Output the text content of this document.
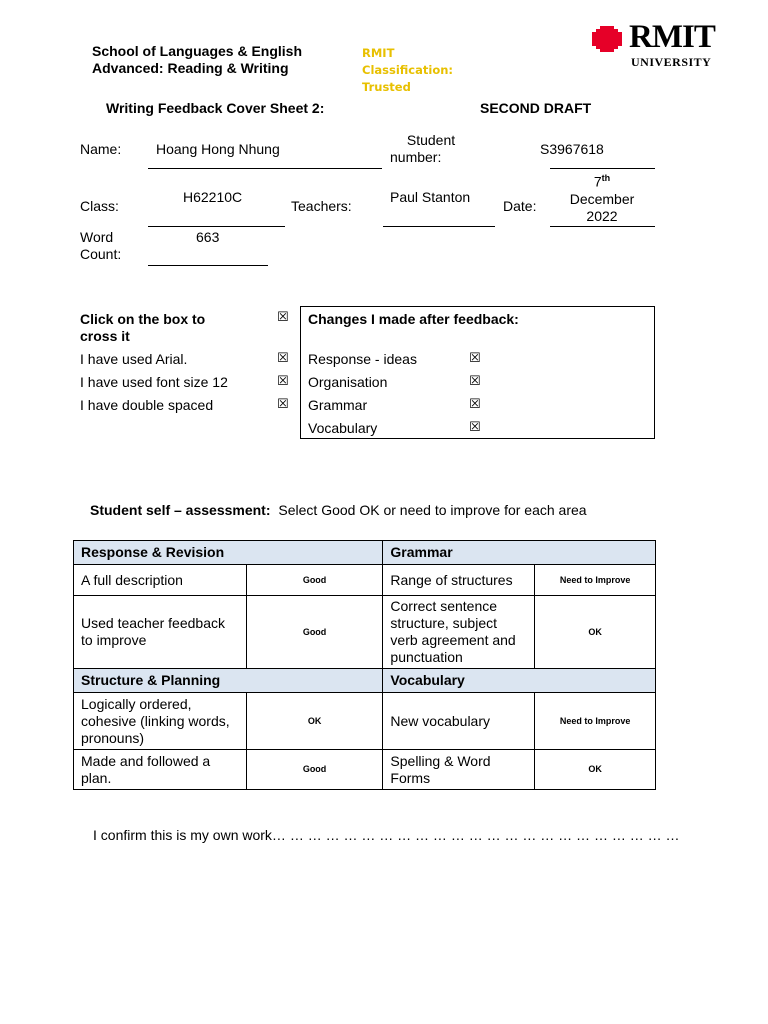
School of Languages & English
Advanced: Reading & Writing
RMIT Classification: Trusted
RMIT
UNIVERSITY
Writing Feedback Cover Sheet 2:	SECOND DRAFT
Name: Hoang Hong Nhung
Student
number:	S3967618
Class:
H62210C
Teachers:
Paul Stanton
Date:
7th
December
2022
Word
Count:
663
Click on the box to
cross it
☒
I have used Arial.	☒
I have used font size 12	☒
I have double spaced	☒
Changes I made after feedback:
Response - ideas	☒
Organisation	☒
Grammar	☒
Vocabulary	☒
Student self – assessment: Select Good OK or need to improve for each area
Response & Revision		Grammar	
A full description	Good	Range of structures	Need to Improve
Used teacher feedback to improve	Good	Correct sentence structure, subject verb agreement and punctuation	OK
Structure & Planning		Vocabulary	
Logically ordered, cohesive (linking words, pronouns)	OK	New vocabulary	Need to Improve
Made and followed a plan.	Good	Spelling & Word Forms	OK
I confirm this is my own work… … … … … … … … … … … … … … … … … … … … … … …
